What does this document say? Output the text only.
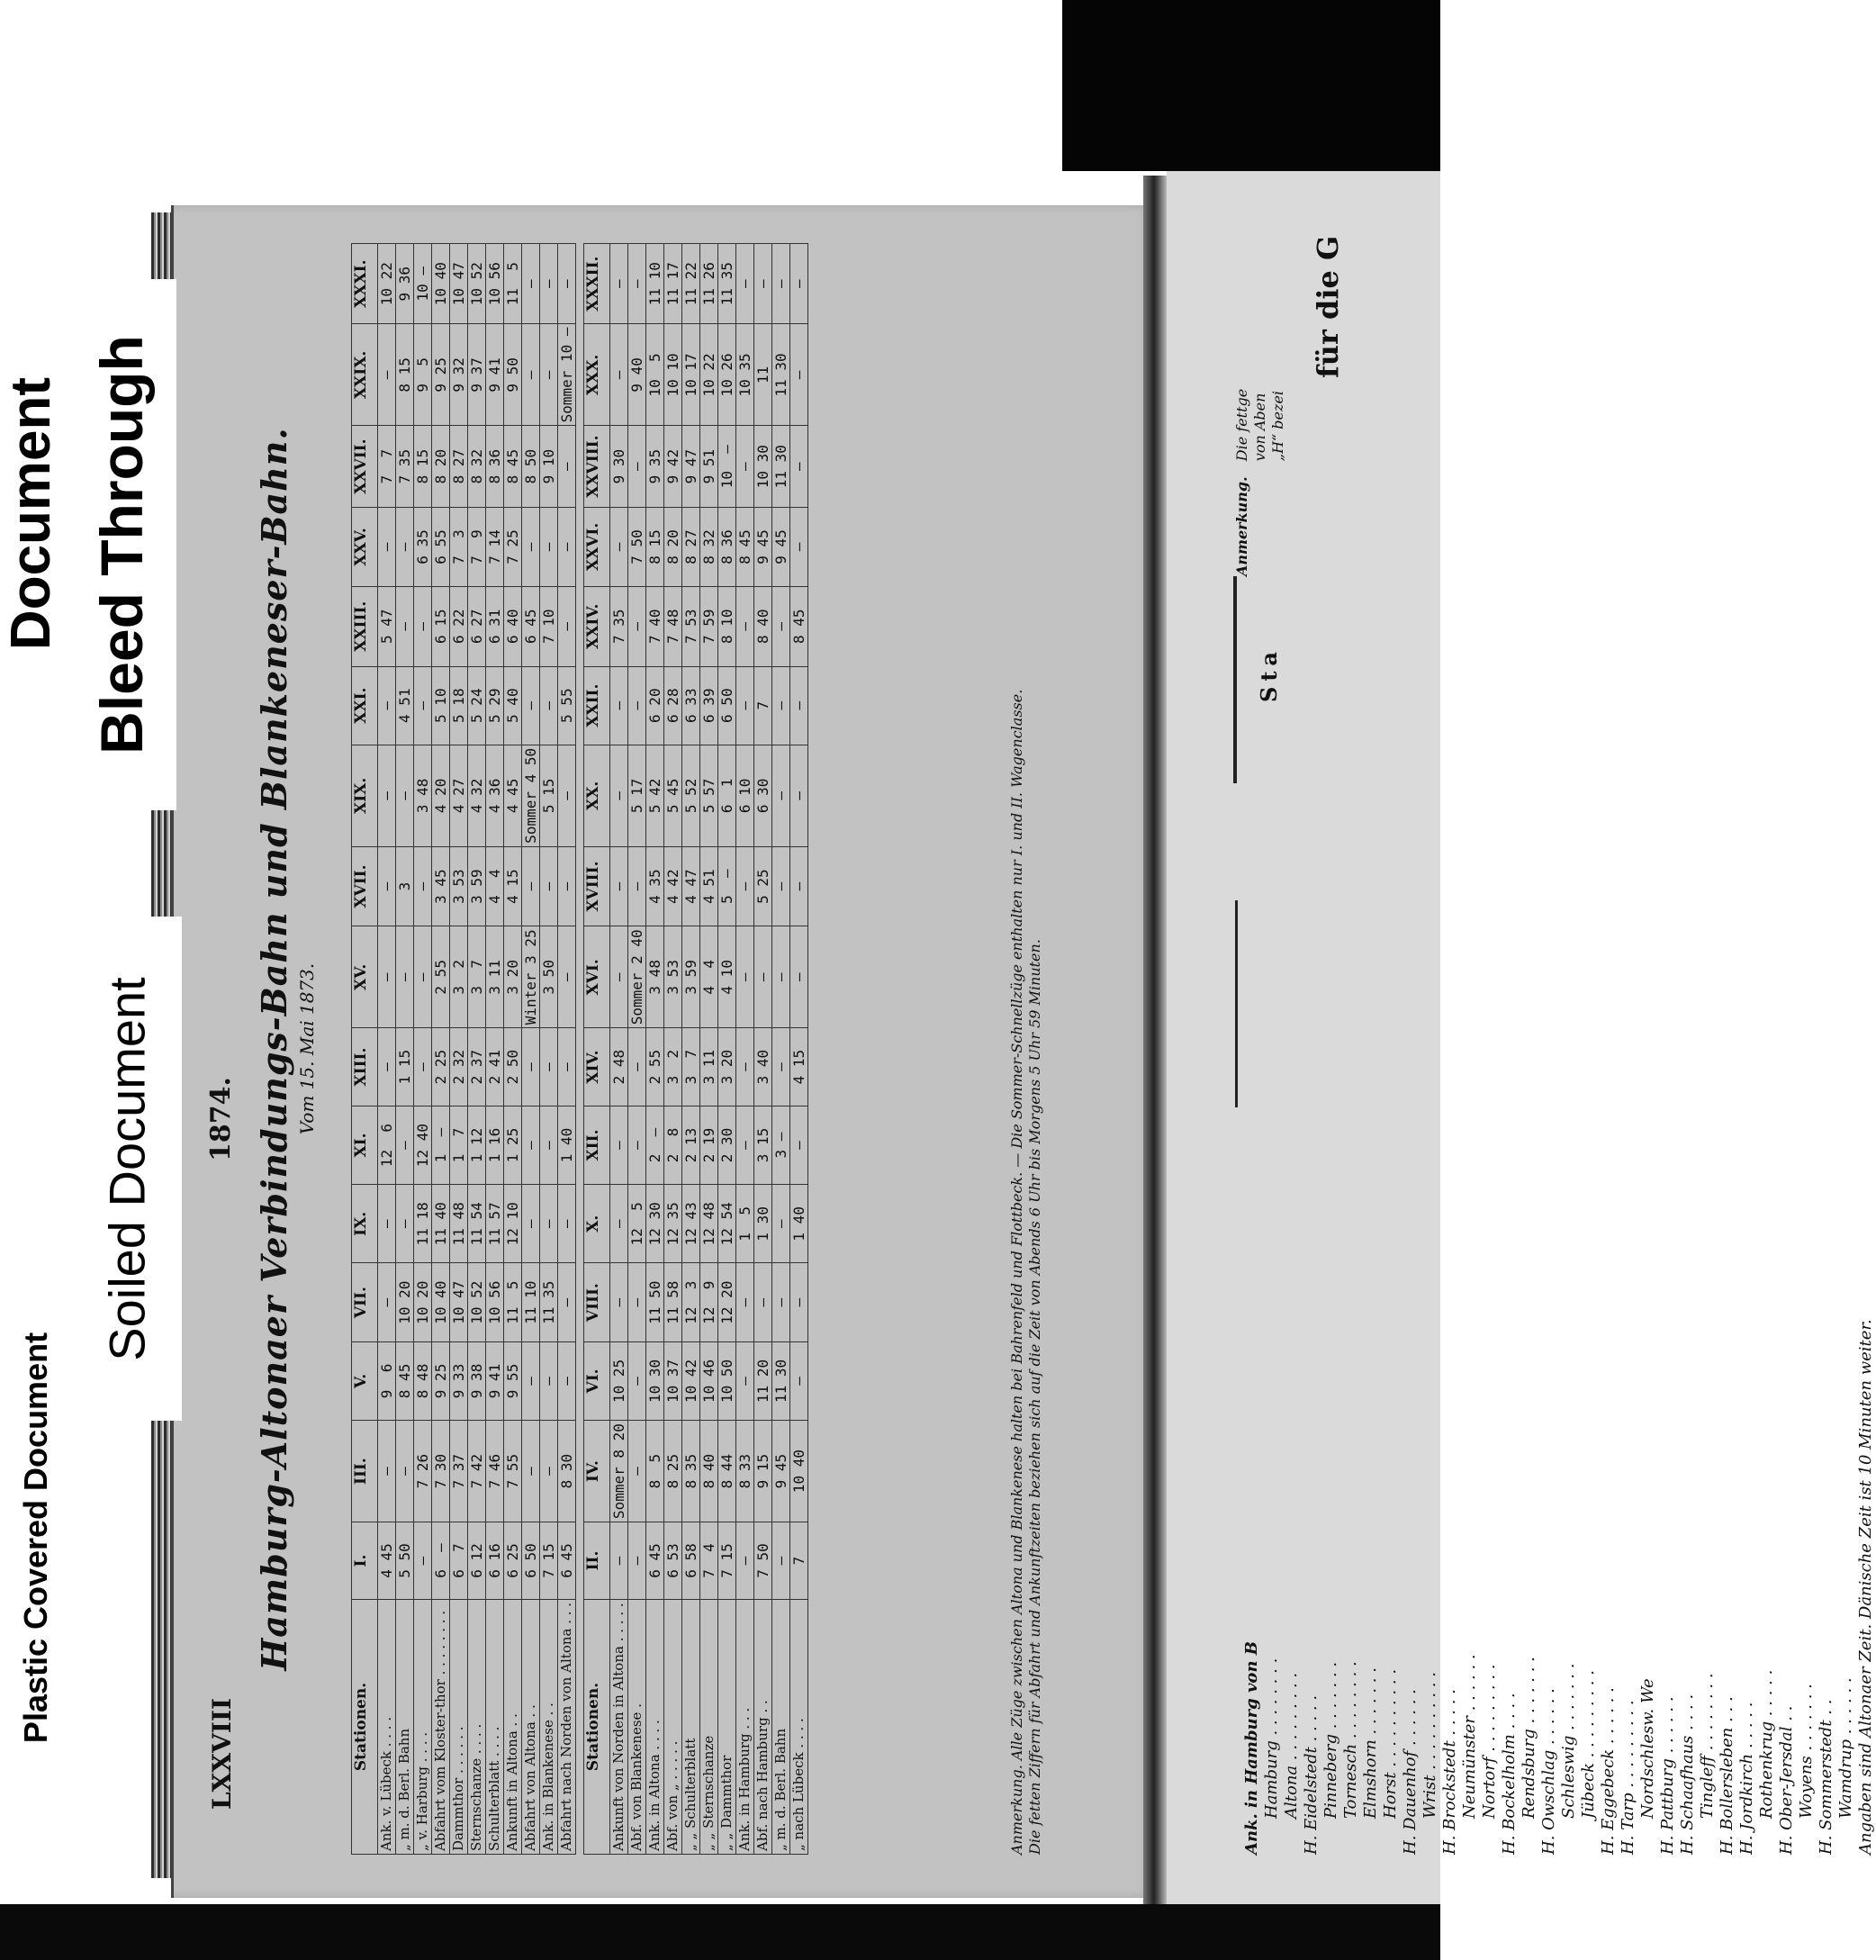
Document Bleed Through
Soiled Document
Plastic Covered Document
LXXVIII
1874. Hamburg-Altonaer Verbindungs-Bahn und Blankeneser-Bahn. Vom 15. Mai 1873.
Stationen.	I.	III.	V.	VII.	IX.	XI.	XIII.	XV.	XVII.	XIX.	XXI.	XXIII.	XXV.	XXVII.	XXIX.	XXXI.
Ank. v. Lübeck . . . .	4 45	—	9  6	—	—	12  6	—	—	—	—	—	5 47	—	7  7	—	10 22
„ m. d. Berl. Bahn	5 50	—	8 45	10 20	—	—	1 15	—	3	—	4 51	—	—	7 35	8 15	9 36
„ v. Harburg . . . .	—	7 26	8 48	10 20	11 18	12 40	—	—	—	3 48	—	—	6 35	8 15	9  5	10 —
Abfahrt vom Kloster-thor . . . . . . . .	6  —	7 30	9 25	10 40	11 40	1  —	2 25	2 55	3 45	4 20	5 10	6 15	6 55	8 20	9 25	10 40
Dammthor . . . . . .	6  7	7 37	9 33	10 47	11 48	1  7	2 32	3  2	3 53	4 27	5 18	6 22	7  3	8 27	9 32	10 47
Sternschanze . . . .	6 12	7 42	9 38	10 52	11 54	1 12	2 37	3  7	3 59	4 32	5 24	6 27	7  9	8 32	9 37	10 52
Schulterblatt . . . .	6 16	7 46	9 41	10 56	11 57	1 16	2 41	3 11	4  4	4 36	5 29	6 31	7 14	8 36	9 41	10 56
Ankunft in Altona . .	6 25	7 55	9 55	11  5	12 10	1 25	2 50	3 20	4 15	4 45	5 40	6 40	7 25	8 45	9 50	11  5
Abfahrt von Altona . .	6 50	—	—	11 10	—	—	—	Winter 3 25	—	Sommer 4 50	—	6 45	—	8 50	—	—
Ank. in Blankenese . .	7 15	—	—	11 35	—	—	—	3 50	—	5 15	—	7 10	—	9 10	—	—
Abfahrt nach Norden von Altona . . .	6 45	8 30	—	—	—	1 40	—	—	—	—	5 55	—	—	—	Sommer 10 —	—

Stationen.	II.	IV.	VI.	VIII.	X.	XII.	XIV.	XVI.	XVIII.	XX.	XXII.	XXIV.	XXVI.	XXVIII.	XXX.	XXXII.
Ankunft von Norden in Altona . . . . .	—	Sommer 8 20	10 25	—	—	—	2 48	—	—	—	—	7 35	—	9 30	—	—
Abf. von Blankenese .	—	—	—	—	12  5	—	—	Sommer 2 40	—	5 17	—	—	7 50	—	9 40	—
Ank. in Altona . . . .	6 45	8  5	10 30	11 50	12 30	2  —	2 55	3 48	4 35	5 42	6 20	7 40	8 15	9 35	10  5	11 10
Abf. von „ . . . . .	6 53	8 25	10 37	11 58	12 35	2  8	3  2	3 53	4 42	5 45	6 28	7 48	8 20	9 42	10 10	11 17
„ „ Schulterblatt	6 58	8 35	10 42	12  3	12 43	2 13	3  7	3 59	4 47	5 52	6 33	7 53	8 27	9 47	10 17	11 22
„ „ Sternschanze	7  4	8 40	10 46	12  9	12 48	2 19	3 11	4  4	4 51	5 57	6 39	7 59	8 32	9 51	10 22	11 26
„ „ Dammthor	7 15	8 44	10 50	12 20	12 54	2 30	3 20	4 10	5  —	6  1	6 50	8 10	8 36	10  —	10 26	11 35
Ank. in Hamburg . . .	—	8 33	—	—	1  5	—	—	—	—	6 10	—	—	8 45	—	10 35	—
Abf. nach Hamburg . .	7 50	9 15	11 20	—	1 30	3 15	3 40	—	5 25	6 30	7	8 40	9 45	10 30	11	—
„ m. d. Berl. Bahn	—	9 45	11 30	—	—	3 —	—	—	—	—	—	—	9 45	11 30	11 30	—
„ nach Lübeck . . . .	7	10 40	—	—	1 40	—	4 15	—	—	—	—	8 45	—	—	—	—
Anmerkung. Alle Züge zwischen Altona und Blankenese halten bei Bahrenfeld und Flottbeck. — Die Sommer-Schnellzüge enthalten nur I. und II. Wagenclasse. Die fetten Ziffern für Abfahrt und Ankunftzeiten beziehen sich auf die Zeit von Abends 6 Uhr bis Morgens 5 Uhr 59 Minuten.
für die G
Anmerkung.
Die fettge von Aben „H“ bezei
Sta
Ank. in Hamburg von B Hamburg . . . . . . . . Altona . . . . . . . . . H. Eidelstedt . . . . . Pinneberg . . . . . . . Tornesch . . . . . . . . Elmshorn . . . . . . . Horst . . . . . . . . . . H. Dauenhof . . . . . . Wrist . . . . . . . . . . H. Brockstedt . . . . . Neumünster . . . . . . Nortorf . . . . . . . . . H. Bockelholm . . . . Rendsburg . . . . . . . H. Owschlag . . . . . . Schleswig . . . . . . . Jübeck . . . . . . . . . H. Eggebeck . . . . . . H. Tarp . . . . . . . . . Nordschlesw. We H. Pattburg . . . . . . H. Schaafhaus . . . . Tingleff . . . . . . . . H. Bollersleben . . . H. Jordkirch . . . . . Rothenkrug . . . . . H. Ober-Jersdal . . Woyens . . . . . . . H. Sommerstedt . . Wamdrup . . . . . . Angaben sind Altonaer Zeit. Dänische Zeit ist 10 Minuten weiter.
